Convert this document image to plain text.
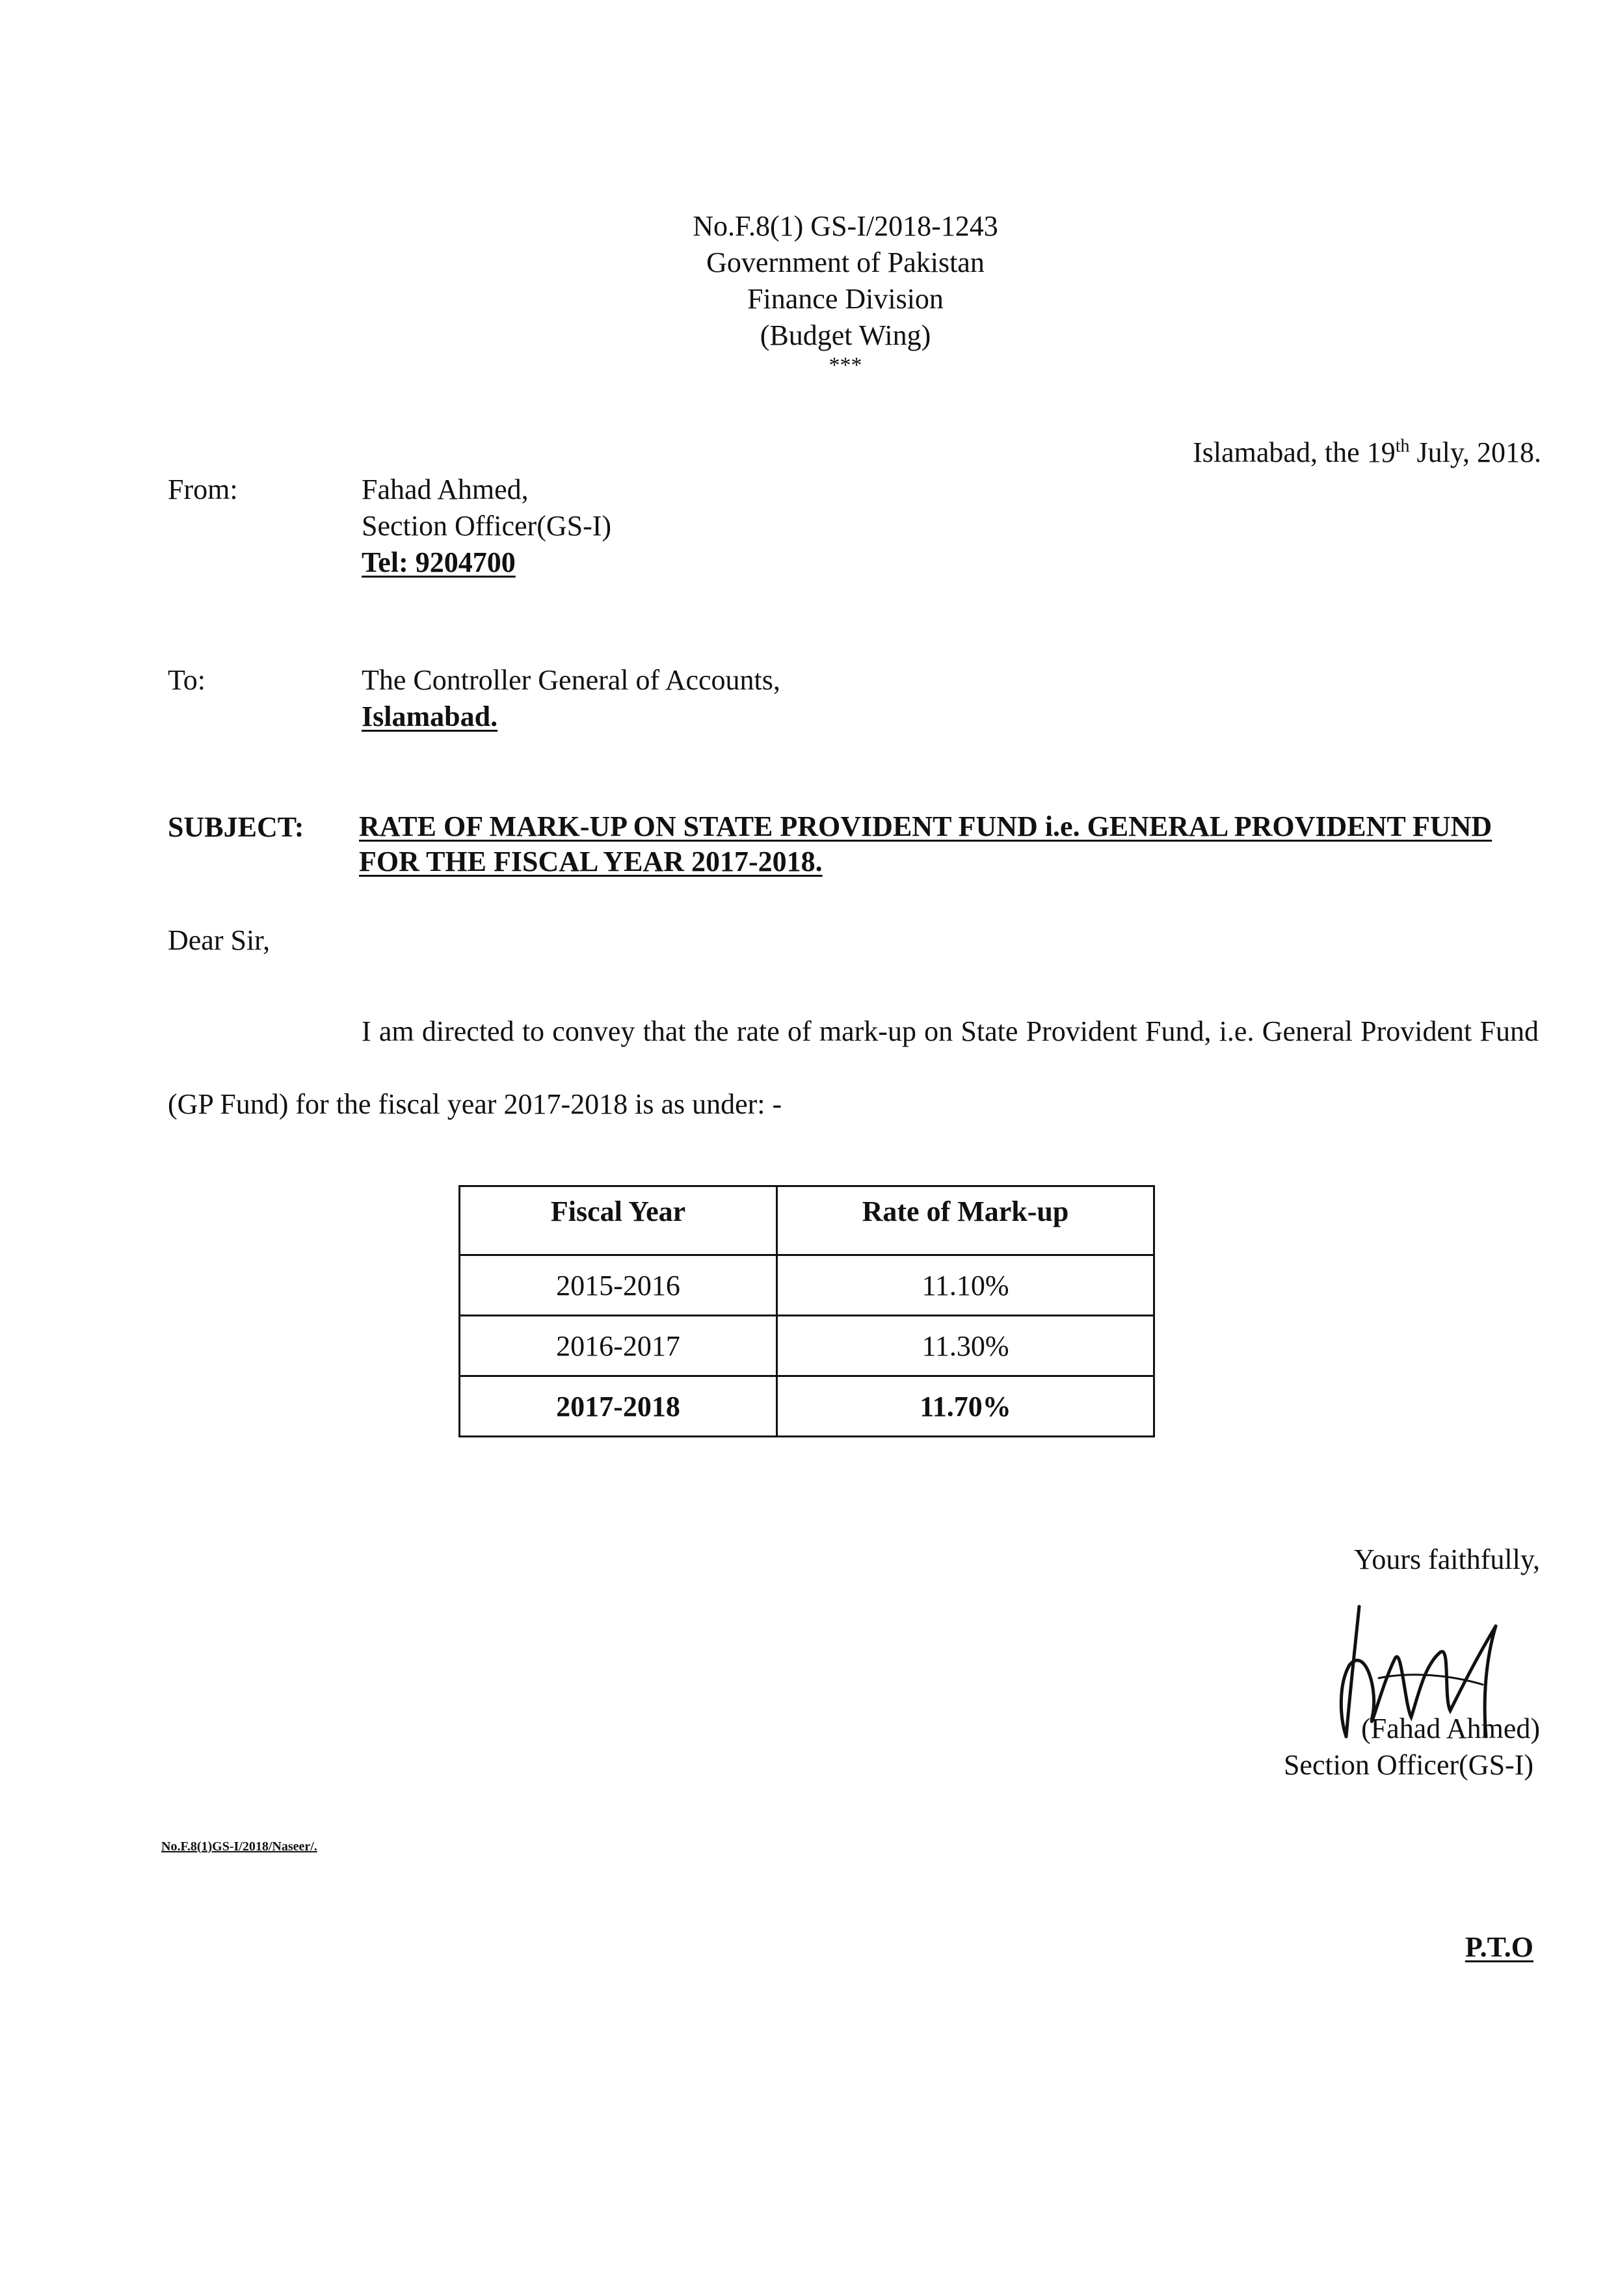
No.F.8(1) GS-I/2018-1243
Government of Pakistan
Finance Division
(Budget Wing)
***
Islamabad, the 19th July, 2018.
From:	Fahad Ahmed,
Section Officer(GS-I)
Tel: 9204700
To:	The Controller General of Accounts,
Islamabad.
SUBJECT: RATE OF MARK-UP ON STATE PROVIDENT FUND i.e. GENERAL PROVIDENT FUND FOR THE FISCAL YEAR 2017-2018.
Dear Sir,
I am directed to convey that the rate of mark-up on State Provident Fund, i.e. General Provident Fund (GP Fund) for the fiscal year 2017-2018 is as under: -
Fiscal Year	Rate of Mark-up
2015-2016	11.10%
2016-2017	11.30%
2017-2018	11.70%
Yours faithfully,
(Fahad Ahmed)
Section Officer(GS-I)
No.F.8(1)GS-I/2018/Naseer/.
P.T.O
